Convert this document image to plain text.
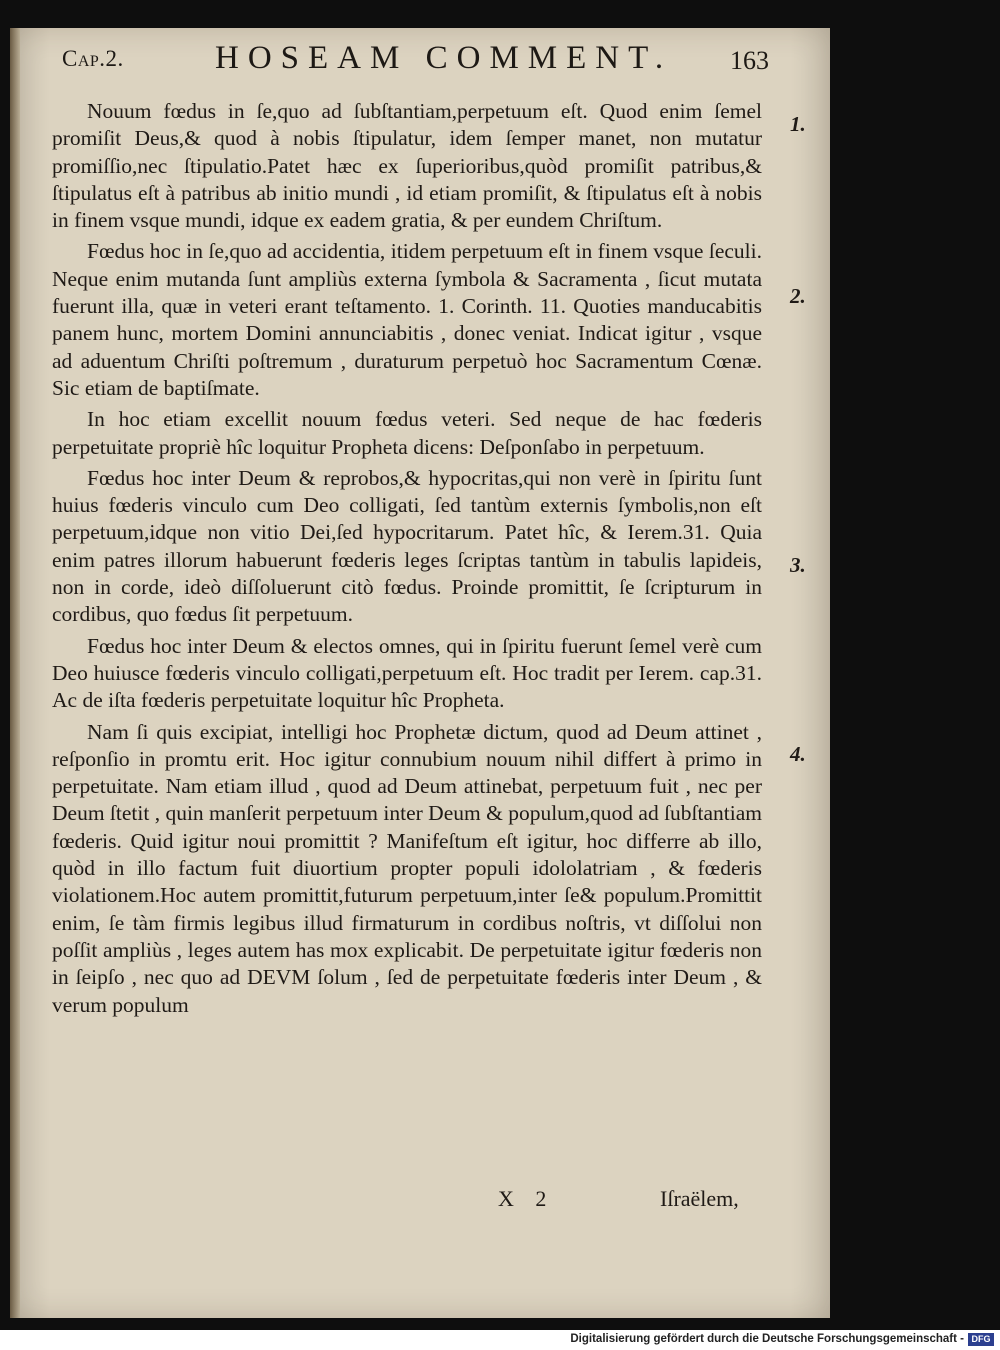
Cap.2.	HOSEAM COMMENT. 163

Nouum fœdus in ſe,quo ad ſubſtantiam,perpetuum eſt. Quod enim ſemel promiſit Deus,& quod à nobis ſtipulatur, idem ſemper manet, non mutatur promiſſio,nec ſtipulatio.Patet hæc ex ſuperioribus,quòd promiſit patribus,& ſtipulatus eſt à patribus ab initio mundi , id etiam promiſit, & ſtipulatus eſt à nobis in finem vsque mundi, idque ex eadem gratia, & per eundem Chriſtum.

Fœdus hoc in ſe,quo ad accidentia, itidem perpetuum eſt in finem vsque ſeculi. Neque enim mutanda ſunt ampliùs externa ſymbola & Sacramenta , ſicut mutata fuerunt illa, quæ in veteri erant teſtamento. 1. Corinth. 11. Quoties manducabitis panem hunc, mortem Domini annunciabitis , donec veniat. Indicat igitur , vsque ad aduentum Chriſti poſtremum , duraturum perpetuò hoc Sacramentum Cœnæ. Sic etiam de baptiſmate.

In hoc etiam excellit nouum fœdus veteri. Sed neque de hac fœderis perpetuitate propriè hîc loquitur Propheta dicens: Deſponſabo in perpetuum.

Fœdus hoc inter Deum & reprobos,& hypocritas,qui non verè in ſpiritu ſunt huius fœderis vinculo cum Deo colligati, ſed tantùm externis ſymbolis,non eſt perpetuum,idque non vitio Dei,ſed hypocritarum. Patet hîc, & Ierem.31. Quia enim patres illorum habuerunt fœderis leges ſcriptas tantùm in tabulis lapideis, non in corde, ideò diſſoluerunt citò fœdus. Proinde promittit, ſe ſcripturum in cordibus, quo fœdus ſit perpetuum.

Fœdus hoc inter Deum & electos omnes, qui in ſpiritu fuerunt ſemel verè cum Deo huiusce fœderis vinculo colligati,perpetuum eſt. Hoc tradit per Ierem. cap.31. Ac de iſta fœderis perpetuitate loquitur hîc Propheta.

Nam ſi quis excipiat, intelligi hoc Prophetæ dictum, quod ad Deum attinet , reſponſio in promtu erit. Hoc igitur connubium nouum nihil differt à primo in perpetuitate. Nam etiam illud , quod ad Deum attinebat, perpetuum fuit , nec per Deum ſtetit , quin manſerit perpetuum inter Deum & populum,quod ad ſubſtantiam fœderis. Quid igitur noui promittit ? Manifeſtum eſt igitur, hoc differre ab illo, quòd in illo factum fuit diuortium propter populi idololatriam , & fœderis violationem.Hoc autem promittit,futurum perpetuum,inter ſe& populum.Promittit enim, ſe tàm firmis legibus illud firmaturum in cordibus noſtris, vt diſſolui non poſſit ampliùs , leges autem has mox explicabit. De perpetuitate igitur fœderis non in ſeipſo , nec quo ad DEVM ſolum , ſed de perpetuitate fœderis inter Deum , & verum populum

1.
2.
3.
4.
X 2	Iſraëlem,
Digitalisierung gefördert durch die Deutsche Forschungsgemeinschaft - DFG
